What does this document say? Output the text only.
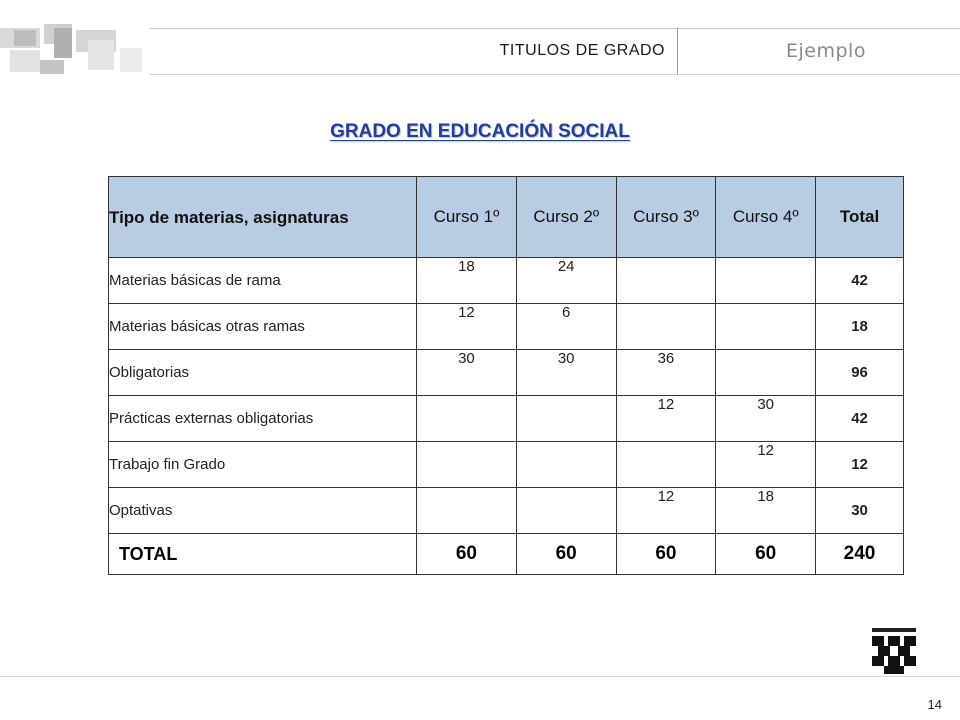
TITULOS DE GRADO	Ejemplo
GRADO EN EDUCACIÓN SOCIAL
Tipo de materias, asignaturas	Curso 1º	Curso 2º	Curso 3º	Curso 4º	Total
Materias básicas de rama	18	24			42
Materias básicas otras ramas	12	6			18
Obligatorias	30	30	36		96
Prácticas externas obligatorias			12	30	42
Trabajo fin Grado				12	12
Optativas			12	18	30
TOTAL	60	60	60	60	240
14
